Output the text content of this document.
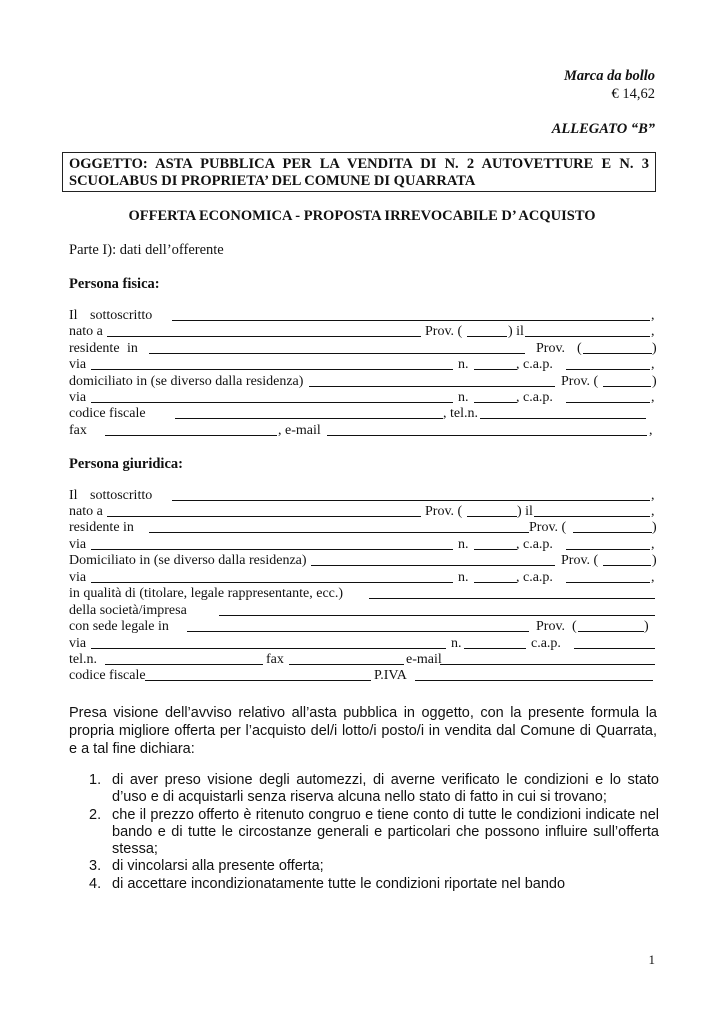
Marca da bollo
€ 14,62
ALLEGATO “B”
OGGETTO: ASTA PUBBLICA PER LA VENDITA DI N. 2 AUTOVETTURE E N. 3 SCUOLABUS DI PROPRIETA’ DEL COMUNE DI QUARRATA
OFFERTA ECONOMICA - PROPOSTA IRREVOCABILE D’ ACQUISTO
Parte I): dati dell’offerente
Persona fisica:
Il sottoscritto	,
nato a	Prov. (	) il	,
residente in	Prov. (	)
via	n.	, c.a.p.	,
domiciliato in (se diverso dalla residenza)	Prov. (	)
via	n.	, c.a.p.	,
codice fiscale	, tel.n.
fax	, e-mail	,
Persona giuridica:
Il sottoscritto	,
nato a	Prov. (	) il	,
residente in	Prov. (	)
via	n.	, c.a.p.	,
Domiciliato in (se diverso dalla residenza)	Prov. (	)
via	n.	, c.a.p.	,
in qualità di (titolare, legale rappresentante, ecc.)
della società/impresa
con sede legale in	Prov. (	)
via	n.	c.a.p.
tel.n.	fax	e-mail
codice fiscale	P.IVA
Presa visione dell’avviso relativo all’asta pubblica in oggetto, con la presente formula la propria migliore offerta per l’acquisto del/i lotto/i posto/i in vendita dal Comune di Quarrata, e a tal fine dichiara:
1. di aver preso visione degli automezzi, di averne verificato le condizioni e lo stato d’uso e di acquistarli senza riserva alcuna nello stato di fatto in cui si trovano;
2. che il prezzo offerto è ritenuto congruo e tiene conto di tutte le condizioni indicate nel bando e di tutte le circostanze generali e particolari che possono influire sull’offerta stessa;
3. di vincolarsi alla presente offerta;
4. di accettare incondizionatamente tutte le condizioni riportate nel bando
1
